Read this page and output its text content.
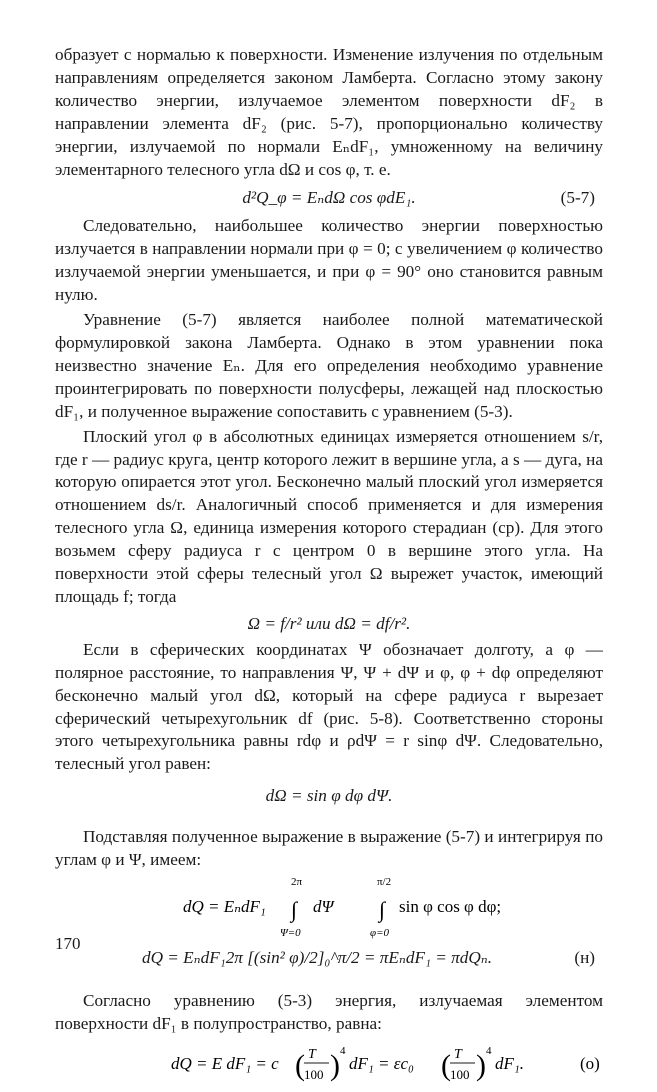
образует с нормалью к поверхности. Изменение излучения по отдельным направлениям определяется законом Ламберта. Согласно этому закону количество энергии, излучаемое элементом поверхности dF₂ в направлении элемента dF₂ (рис. 5-7), пропорционально количеству энергии, излучаемой по нормали EₙdF₁, умноженному на величину элементарного телесного угла dΩ и cos φ, т. е.

d²Q_φ = EₙdΩ cos φdE₁.	(5-7)

Следовательно, наибольшее количество энергии поверхностью излучается в направлении нормали при φ = 0; с увеличением φ количество излучаемой энергии уменьшается, и при φ = 90° оно становится равным нулю.

Уравнение (5-7) является наиболее полной математической формулировкой закона Ламберта. Однако в этом уравнении пока неизвестно значение Eₙ. Для его определения необходимо уравнение проинтегрировать по поверхности полусферы, лежащей над плоскостью dF₁, и полученное выражение сопоставить с уравнением (5-3).

Плоский угол φ в абсолютных единицах измеряется отношением s/r, где r — радиус круга, центр которого лежит в вершине угла, а s — дуга, на которую опирается этот угол. Бесконечно малый плоский угол измеряется отношением ds/r. Аналогичный способ применяется и для измерения телесного угла Ω, единица измерения которого стерадиан (ср). Для этого возьмем сферу радиуса r с центром 0 в вершине этого угла. На поверхности этой сферы телесный угол Ω вырежет участок, имеющий площадь f; тогда

Ω = f/r² или dΩ = df/r².

Если в сферических координатах Ψ обозначает долготу, а φ — полярное расстояние, то направления Ψ, Ψ + dΨ и φ, φ + dφ определяют бесконечно малый угол dΩ, который на сфере радиуса r вырезает сферический четырехугольник df (рис. 5-8). Соответственно стороны этого четырехугольника равны rdφ и ρdΨ = r sinφ dΨ. Следовательно, телесный угол равен:

dΩ = sin φ dφ dΨ.

Подставляя полученное выражение в выражение (5-7) и интегрируя по углам φ и Ψ, имеем:

dQ = EₙdF₁
2π
∫
Ψ=0
dΨ
π/2
∫
φ=0
sin φ cos φ dφ;
dQ = EₙdF₁2π [(sin² φ)/2]₀^π/2 = πEₙdF₁ = πdQₙ.	(н)

Согласно уравнению (5-3) энергия, излучаемая элементом поверхности dF₁ в полупространство, равна:

dQ = E dF₁ = c ( T
100 ) 4
dF₁ = εc₀ ( T
100 ) 4
dF₁.	(о)
170
